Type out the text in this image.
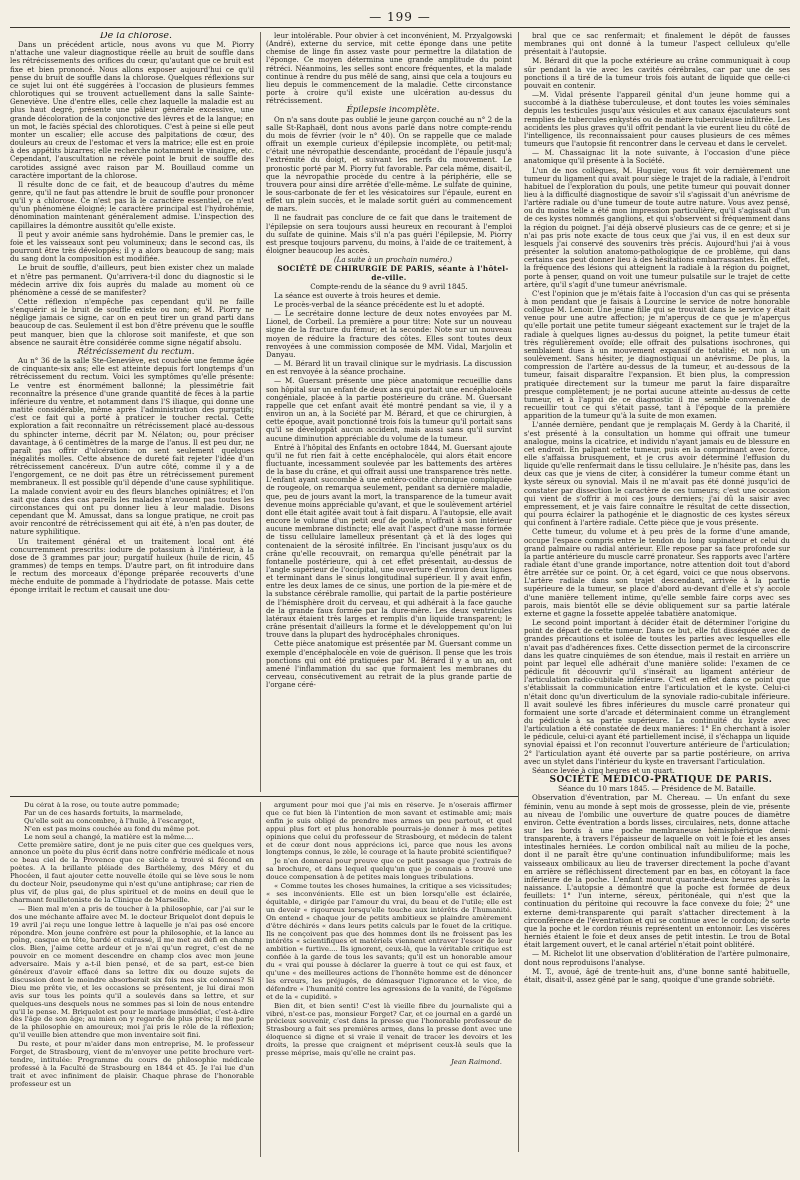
— 199 —

De la chlorose.

Dans un précédent article, nous avons vu que M. Piorry n'attache une valeur diagnostique réelle au bruit de souffle dans les rétrécissements des orifices du cœur, qu'autant que ce bruit est fixe et bien prononcé. Nous allons exposer aujourd'hui ce qu'il pense du bruit de souffle dans la chlorose. Quelques réflexions sur ce sujet lui ont été suggérées à l'occasion de plusieurs femmes chlorotiques qui se trouvent actuellement dans la salle Sainte-Geneviève. Une d'entre elles, celle chez laquelle la maladie est au plus haut degré, présente une pâleur générale excessive, une grande décoloration de la conjonctive des lèvres et de la langue; en un mot, le faciès spécial des chlorotiques. C'est à peine si elle peut monter un escalier; elle accuse des palpitations de cœur, des douleurs au creux de l'estomac et vers la matrice; elle est en proie à des appétits bizarres; elle recherche notamment le vinaigre, etc. Cependant, l'auscultation ne révèle point le bruit de souffle des carotides assigné avec raison par M. Bouillaud comme un caractère important de la chlorose.

Il résulte donc de ce fait, et de beaucoup d'autres du même genre, qu'il ne faut pas attendre le bruit de souffle pour prononcer qu'il y a chlorose. Ce n'est pas là le caractère essentiel, ce n'est qu'un phénomène éloigné; le caractère principal est l'hydrohémie, dénomination maintenant généralement admise. L'inspection des capillaires la démontre aussitôt qu'elle existe.

Il peut y avoir anémie sans hydrohémie. Dans le premier cas, le foie et les vaisseaux sont peu volumineux; dans le second cas, ils pourront être très développés; il y a alors beaucoup de sang; mais du sang dont la composition est modifiée.

Le bruit de souffle, d'ailleurs, peut bien exister chez un malade et n'être pas permanent. Qu'arrivera-t-il donc du diagnostic si le médecin arrive dix fois auprès du malade au moment où ce phénomène a cessé de se manifester?

Cette réflexion n'empêche pas cependant qu'il ne faille s'enquérir si le bruit de souffle existe ou non; et M. Piorry ne néglige jamais ce signe, car on en peut tirer un grand parti dans beaucoup de cas. Seulement il est bon d'être prévenu que le souffle peut manquer, bien que la chlorose soit manifeste, et que son absence ne saurait être considérée comme signe négatif absolu.

Rétrécissement du rectum.

Au n° 36 de la salle Ste-Geneviève, est couchée une femme âgée de cinquante-six ans; elle est atteinte depuis fort longtemps d'un rétrécissement du rectum. Voici les symptômes qu'elle présente: Le ventre est énormément ballonné; la plessimétrie fait reconnaître la présence d'une grande quantité de fèces à la partie inférieure du ventre, et notamment dans l'S iliaque, qui donne une matité considérable, même après l'administration des purgatifs; c'est ce fait qui a porté à praticer le toucher rectal. Cette exploration a fait reconnaître un rétrécissement placé au-dessous du sphincter interne, décrit par M. Nélaton; ou, pour préciser davantage, à 6 centimètres de la marge de l'anus. Il est peu dur, ne paraît pas offrir d'ulcération: on sent seulement quelques inégalités molles. Cette absence de dureté fait rejeter l'idée d'un rétrécissement cancéreux. D'un autre côté, comme il y a de l'engorgement, ce ne doit pas être un rétrécissement purement membraneux. Il est possible qu'il dépende d'une cause syphilitique. La malade convient avoir eu des fleurs blanches opiniâtres; et l'on sait que dans des cas pareils les malades n'avouent pas toutes les circonstances qui ont pu donner lieu à leur maladie. Disons cependant que M. Amussat, dans sa longue pratique, ne croit pas avoir rencontré de rétrécissement qui ait été, à n'en pas douter, de nature syphilitique.

Un traitement général et un traitement local ont été concurremment prescrits: iodure de potassium à l'intérieur, à la dose de 3 grammes par jour; purgatif huileux (huile de ricin, 45 grammes) de temps en temps. D'autre part, on fit introduire dans le rectum des morceaux d'éponge préparée recouverts d'une mèche enduite de pommade à l'hydriodate de potasse. Mais cette éponge irritait le rectum et causait une dou-

leur intolérable. Pour obvier à cet inconvénient, M. Przyalgowski (André), externe du service, mit cette éponge dans une petite chemise de linge fin assez vaste pour permettre la dilatation de l'éponge. Ce moyen détermina une grande amplitude du point rétréci. Néanmoins, les selles sont encore fréquentes, et la malade continue à rendre du pus mêlé de sang, ainsi que cela a toujours eu lieu depuis le commencement de la maladie. Cette circonstance porte à croire qu'il existe une ulcération au-dessus du rétrécissement.

Épilepsie incomplète.

On n'a sans doute pas oublié le jeune garçon couché au n° 2 de la salle St-Raphaël, dont nous avons parlé dans notre compte-rendu du mois de février (voir le n° 40). On se rappelle que ce malade offrait un exemple curieux d'épilepsie incomplète, ou petit-mal; c'était une névropathie descendante, procédant de l'épaule jusqu'à l'extrémité du doigt, et suivant les nerfs du mouvement. Le pronostic porté par M. Piorry fut favorable. Par cela même, disait-il, que la névropathie procède du centre à la périphérie, elle se trouvera pour ainsi dire arrêtée d'elle-même. Le sulfate de quinine, le sous-carbonate de fer et les vésicatoires sur l'épaule, eurent en effet un plein succès, et le malade sortit guéri au commencement de mars.

Il ne faudrait pas conclure de ce fait que dans le traitement de l'épilepsie on sera toujours aussi heureux en recourant à l'emploi du sulfate de quinine. Mais s'il n'a pas guéri l'épilepsie, M. Piorry est presque toujours parvenu, du moins, à l'aide de ce traitement, à éloigner beaucoup les accès.

(La suite à un prochain numéro.)

SOCIÉTÉ DE CHIRURGIE DE PARIS, séante à l'hôtel-de-ville.

Compte-rendu de la séance du 9 avril 1845.

La séance est ouverte à trois heures et demie.

Le procès-verbal de la séance précédente est lu et adopté.

— Le secrétaire donne lecture de deux notes envoyées par M. Lionel, de Corbeil. La première a pour titre: Note sur un nouveau signe de la fracture du fémur; et la seconde: Note sur un nouveau moyen de réduire la fracture des côtes. Elles sont toutes deux renvoyées à une commission composée de MM. Vidal, Marjolin et Danyau.

— M. Bérard lit un travail clinique sur le mydriasis. La discussion en est renvoyée à la séance prochaine.

— M. Guersant présente une pièce anatomique recueillie dans son hôpital sur un enfant de deux ans qui portait une encéphalocèle congéniale, placée à la partie postérieure du crâne. M. Guersant rappelle que cet enfant avait été montré pendant sa vie, il y a environ un an, à la Société par M. Bérard, et que ce chirurgien, à cette époque, avait ponctionné trois fois la tumeur qu'il portait sans qu'il se développât aucun accident, mais aussi sans qu'il survînt aucune diminution appréciable du volume de la tumeur.

Entré à l'hôpital des Enfants en octobre 1844, M. Guersant ajoute qu'il ne fut rien fait à cette encéphalocèle, qui alors était encore fluctuante, incessamment soulevée par les battements des artères de la base du crâne, et qui offrait aussi une transparence très nette. L'enfant ayant succombé à une entéro-colite chronique compliquée de rougeole, on remarqua seulement, pendant sa dernière maladie, que, peu de jours avant la mort, la transparence de la tumeur avait devenue moins appréciable qu'avant, et que le soulèvement artériel dont elle était agitée avait tout à fait disparu. A l'autopsie, elle avait encore le volume d'un petit œuf de poule, n'offrait à son intérieur aucune membrane distincte; elle avait l'aspect d'une masse formée de tissu cellulaire lamelleux présentant çà et là des loges qui contenaient de la sérosité infiltrée. En l'incisant jusqu'aux os du crâne qu'elle recouvrait, on remarqua qu'elle pénétrait par la fontanelle postérieure, qui à cet effet présentait, au-dessus de l'angle supérieur de l'occipital, une ouverture d'environ deux lignes et terminant dans le sinus longitudinal supérieur. Il y avait enfin, entre les deux lames de ce sinus, une portion de la pie-mère et de la substance cérébrale ramollie, qui partait de la partie postérieure de l'hémisphère droit du cerveau, et qui adhérait à la face gauche de la grande faux formée par la dure-mère. Les deux ventricules latéraux étaient très larges et remplis d'un liquide transparent; le crâne présentait d'ailleurs la forme et le développement qu'on lui trouve dans la plupart des hydrocéphales chroniques.

Cette pièce anatomique est présentée par M. Guersant comme un exemple d'encéphalocèle en voie de guérison. Il pense que les trois ponctions qui ont été pratiquées par M. Bérard il y a un an, ont amené l'inflammation du sac que formaient les membranes du cerveau, consécutivement au retrait de la plus grande partie de l'organe céré-

bral que ce sac renfermait; et finalement le dépôt de fausses membranes qui ont donné à la tumeur l'aspect celluleux qu'elle présentait à l'autopsie.

M. Bérard dit que la poche extérieure au crâne communiquait à coup sûr pendant la vie avec les cavités cérébrales, car par une de ses ponctions il a tiré de la tumeur trois fois autant de liquide que celle-ci pouvait en contenir.

—M. Vidal présente l'appareil génital d'un jeune homme qui a succombé à la diathèse tuberculeuse, et dont toutes les voies séminales depuis les testicules jusqu'aux vésicules et aux canaux éjaculateurs sont remplies de tubercules enkystés ou de matière tuberculeuse infiltrée. Les accidents les plus graves qu'il offrit pendant la vie eurent lieu du côté de l'intelligence, ils reconnaissaient pour causes plusieurs de ces mêmes tumeurs que l'autopsie fit rencontrer dans le cerveau et dans le cervelet.

— M. Chassaignac lit la note suivante, à l'occasion d'une pièce anatomique qu'il présente à la Société.

L'un de nos collègues, M. Huguier, vous fit voir dernièrement une tumeur du ligament qui avait pour siège le trajet de la radiale, à l'endroit habituel de l'exploration du pouls, une petite tumeur qui pouvait donner lieu à la difficulté diagnostique de savoir s'il s'agissait d'un anévrisme de l'artère radiale ou d'une tumeur de toute autre nature. Vous avez pensé, ou du moins telle a été mon impression particulière, qu'il s'agissait d'un de ces kystes nommés ganglions, et qui s'observent si fréquemment dans la région du poignet. J'ai déjà observé plusieurs cas de ce genre; et si je n'ai pas pris note exacte de tous ceux que j'ai vus, il en est deux sur lesquels j'ai conservé des souvenirs très précis. Aujourd'hui j'ai à vous présenter la solution anatomo-pathologique de ce problème, qui dans certains cas peut donner lieu à des hésitations embarrassantes. En effet, la fréquence des lésions qui atteignent la radiale à la région du poignet, porte à penser, quand on voit une tumeur pulsatile sur le trajet de cette artère, qu'il s'agit d'une tumeur anévrismale.

C'est l'opinion que je m'étais faite à l'occasion d'un cas qui se présenta à mon pendant que je faisais à Lourcine le service de notre honorable collègue M. Lenoir. Une jeune fille qui se trouvait dans le service y était venue pour une autre affection; je m'aperçus de ce que je m'aperçus qu'elle portait une petite tumeur siégeant exactement sur le trajet de la radiale à quelques lignes au-dessus du poignet, la petite tumeur était très régulièrement ovoïde; elle offrait des pulsations isochrones, qui semblaient dues à un mouvement expansif de totalité; et non à un soulèvement. Sans hésiter, je diagnostiquai un anévrisme. De plus, la compression de l'artère au-dessus de la tumeur, et au-dessous de la tumeur, faisait disparaître l'expansion. Et bien plus, la compression pratiquée directement sur la tumeur me parut la faire disparaître presque complètement; je ne portai aucune atteinte au-dessus de cette tumeur, et à l'appui de ce diagnostic il me semble convenable de recueillir tout ce qui s'était passé, tant à l'époque de la première apparition de la tumeur qu'à la suite de mon examen.

L'année dernière, pendant que je remplaçais M. Gerdy à la Charité, il s'est présenté à la consultation un homme qui offrait une tumeur analogue, moins la cicatrice, et individu n'ayant jamais eu de blessure en cet endroit. En palpant cette tumeur, puis en la comprimant avec force, elle s'affaissa brusquement, et je crus avoir déterminé l'effusion du liquide qu'elle renfermait dans le tissu cellulaire. Je n'hésite pas, dans les deux cas que je viens de citer, à considérer la tumeur comme étant un kyste séreux ou synovial. Mais il ne m'avait pas été donné jusqu'ici de constater par dissection le caractère de ces tumeurs; c'est une occasion qui vient de s'offrir à moi ces jours derniers; j'ai dû la saisir avec empressement, et je vais faire connaître le résultat de cette dissection, qui pourra éclairer la pathogénie et le diagnostic de ces kystes séreux qui confinent à l'artère radiale. Cette pièce que je vous présente.

Cette tumeur, du volume et à peu près de la forme d'une amande, occupe l'espace compris entre le tendon du long supinateur et celui du grand palmaire ou radial antérieur. Elle repose par sa face profonde sur la partie antérieure du muscle carré pronateur. Ses rapports avec l'artère radiale étant d'une grande importance, notre attention doit tout d'abord être arrêtée sur ce point. Or, à cet égard, voici ce que nous observons. L'artère radiale dans son trajet descendant, arrivée à la partie supérieure de la tumeur, se place d'abord au-devant d'elle et s'y accole d'une manière tellement intime, qu'elle semble faire corps avec ses parois, mais bientôt elle se dévie obliquement sur sa partie latérale externe et gagne la fossette appelée tabatière anatomique.

Le second point important à décider était de déterminer l'origine du point de départ de cette tumeur. Dans ce but, elle fut disséquée avec de grandes précautions et isolée de toutes les parties avec lesquelles elle n'avait pas d'adhérences fixes. Cette dissection permet de la circonscrire dans les quatre cinquièmes de son étendue, mais il restait en arrière un point par lequel elle adhérait d'une manière solide: l'examen de ce pédicule fit découvrir qu'il s'insérait au ligament antérieur de l'articulation radio-cubitale inférieure. C'est en effet dans ce point que s'établissait la communication entre l'articulation et le kyste. Celui-ci n'était donc qu'un diverticulum de la synoviale radio-cubitale inférieure. Il avait soulevé les fibres inférieures du muscle carré pronateur qui formaient une sorte d'arcade et déterminaient comme un étranglement du pédicule à sa partie supérieure. La continuité du kyste avec l'articulation a été constatée de deux manières: 1° En cherchant à isoler le pédicule, celui-ci ayant été partiellement incisé, il s'échappa un liquide synovial épaissi et l'on reconnut l'ouverture antérieure de l'articulation; 2° l'articulation ayant été ouverte par sa partie postérieure, on arriva avec un stylet dans l'intérieur du kyste en traversant l'articulation.

Séance levée à cinq heures et un quart.

SOCIÉTÉ MÉDICO-PRATIQUE DE PARIS.

Séance du 10 mars 1845. — Présidence de M. Bataille.

Observation d'éventration, par M. Chereau. — Un enfant du sexe féminin, venu au monde à sept mois de grossesse, plein de vie, présente au niveau de l'ombilic une ouverture de quatre pouces de diamètre environ. Cette éventration a bords lisses, circulaires, nets, donne attache sur les bords à une poche membraneuse hémisphérique demi-transparente, à travers l'épaisseur de laquelle on voit le foie et les anses intestinales herniées. Le cordon ombilical naît au milieu de la poche, dont il ne paraît être qu'une continuation infundibuliforme; mais les vaisseaux ombilicaux au lieu de traverser directement la poche d'avant en arrière se réfléchissent directement par en bas, en côtoyant la face inférieure de la poche. L'enfant mourut quarante-deux heures après la naissance. L'autopsie a démontré que la poche est formée de deux feuillets: 1° l'un interne, séreux, péritonéale, qui n'est que la continuation du péritoine qui recouvre la face convexe du foie; 2° une externe demi-transparente qui paraît s'attacher directement à la circonférence de l'éventration et qui se continue avec le cordon; de sorte que la poche et le cordon réunis représentent un entonnoir. Les viscères herniés étaient le foie et deux anses de petit intestin. Le trou de Botal était largement ouvert, et le canal artériel n'était point oblitéré.

— M. Richelot lit une observation d'oblitération de l'artère pulmonaire, dont nous reproduisons l'analyse.

M. T., avoué, âgé de trente-huit ans, d'une bonne santé habituelle, était, disait-il, assez gêné par le sang, quoique d'une grande sobriété.

Du cérat à la rose, ou toute autre pommade;

Par un de ces hasards fortuits, la marmelade,

Qu'elle soit au concombre, à l'huile, à l'escargot,

N'en est pas moins couchée au fond du même pot.

Le nom seul a changé, la matière est la même....

Cette première satire, dont je ne puis citer que ces quelques vers, annonce un poète du plus écrit dans notre confrérie médicale et nous ce beau ciel de la Provence que ce siècle a trouvé si fécond en poètes. A la brillante pléiade des Barthélemy, des Méry et du Phocéen, il faut ajouter cette nouvelle étoile qui se lève sous le nom du docteur Noir, pseudonyme qui n'est qu'une antiphrase; car rien de plus vif, de plus gai, de plus spirituel et de moins en deuil que le charmant feuilletoniste de la Clinique de Marseille.

— Bien mal m'en a pris de toucher à la philosophie, car j'ai sur le dos une méchante affaire avec M. le docteur Briquelot dont depuis le 19 avril j'ai reçu une longue lettre à laquelle je n'ai pas osé encore répondre. Mon jeune confrère est pour la philosophie, et la lance au poing, casque en tête, bardé et cuirassé, il me met au défi en champ clos. Bien, j'aime cette ardeur et je n'ai qu'un regret, c'est de ne pouvoir en ce moment descendre en champ clos avec mon jeune adversaire. Mais y a-t-il bien pensé, et de sa part, est-ce bien généreux d'avoir effacé dans sa lettre dix ou douze sujets de discussion dont le moindre absorberait six fois mes six colonnes? Si Dieu me prête vie, et les occasions se présentent, je lui dirai mon avis sur tous les points qu'il a soulevés dans sa lettre, et sur quelques-uns desquels nous ne sommes pas si loin de nous entendre qu'il le pense. M. Briquelot est pour le mariage immédiat, c'est-à-dire dès l'âge de son âge; au mien on y regarde de plus près; il me parle de la philosophie en amoureux; moi j'ai pris le rôle de la réflexion; qu'il veuille bien attendre que mon inventaire soit fini.

Du reste, et pour m'aider dans mon entreprise, M. le professeur Forget, de Strasbourg, vient de m'envoyer une petite brochure vert-tendre, intitulée: Programme du cours de philosophie médicale professé à la Faculté de Strasbourg en 1844 et 45. Je l'ai lue d'un trait et avec infiniment de plaisir. Chaque phrase de l'honorable professeur est un

argument pour moi que j'ai mis en réserve. Je n'oserais affirmer que ce fut bien là l'intention de mon savant et estimable ami; mais enfin je suis obligé de prendre mes armes un peu partout, et quel appui plus fort et plus honorable pourrais-je donner à mes petites opinions que celui du professeur de Strasbourg, et médecin de talent et de cœur dont nous apprécions ici, parce que nous les avons longtemps connus, le zèle, le courage et la haute probité scientifique?

Je n'en donnerai pour preuve que ce petit passage que j'extrais de sa brochure, et dans lequel quelqu'un que je connais a trouvé une douce compensation à de petites mais longues tribulations.

« Comme toutes les choses humaines, la critique a ses vicissitudes; « ses inconvénients. Elle est un bien lorsqu'elle est éclairée, équitable, « dirigée par l'amour du vrai, du beau et de l'utile; elle est un devoir « rigoureux lorsqu'elle touche aux intérêts de l'humanité. On entend « chaque jour de petits ambitieux se plaindre amèrement d'être déchirés « dans leurs petits calculs par le fouet de la critique. Ils ne conçoivent pas que des hommes dont ils ne froissent pas les intérêts « scientifiques et matériels viennent entraver l'essor de leur ambition « furtive.... Ils ignorent, ceux-là, que la véritable critique est confiée à la garde de tous les savants; qu'il est un honorable amour du « vrai qui pousse à déclarer la guerre à tout ce qui est faux, et qu'une « des meilleures actions de l'honnête homme est de dénoncer les erreurs, les préjugés, de démasquer l'ignorance et le vice, de défendre « l'humanité contre les agressions de la vanité, de l'égoïsme et de la « cupidité. »

Bien dit, et bien senti! C'est là vieille fibre du journaliste qui a vibré, n'est-ce pas, monsieur Forget? Car, et ce journal en a gardé un précieux souvenir, c'est dans la presse que l'honorable professeur de Strasbourg a fait ses premières armes, dans la presse dont avec une éloquence si digne et si vraie il venait de tracer les devoirs et les droits, la presse que craignent et méprisent ceux-là seuls que la presse méprise, mais qu'elle ne craint pas.

Jean Raimond.
